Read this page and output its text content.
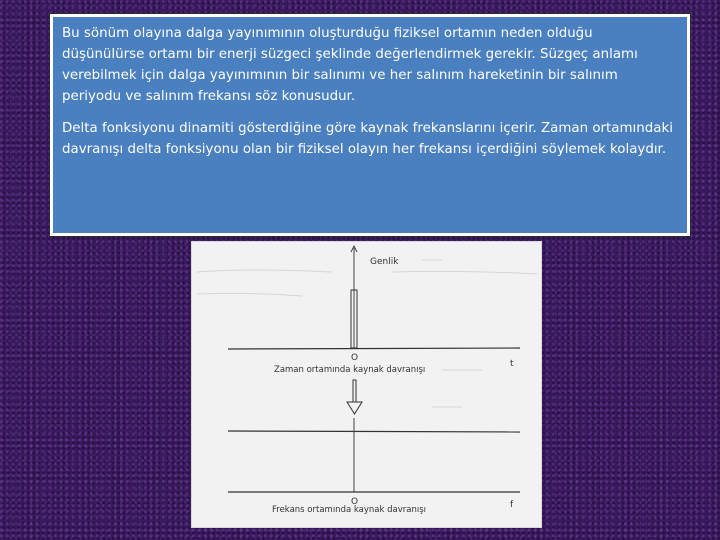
Bu sönüm olayına dalga yayınımının oluşturduğu fiziksel ortamın neden olduğu düşünülürse ortamı bir enerji süzgeci şeklinde değerlendirmek gerekir. Süzgeç anlamı verebilmek için dalga yayınımının bir salınımı ve her salınım hareketinin bir salınım periyodu ve salınım frekansı söz konusudur.

Delta fonksiyonu dinamiti gösterdiğine göre kaynak frekanslarını içerir. Zaman ortamındaki davranışı delta fonksiyonu olan bir fiziksel olayın her frekansı içerdiğini söylemek kolaydır.

Genlik
O
t
Zaman ortamında kaynak davranışı
O	f
Frekans ortamında kaynak davranışı
